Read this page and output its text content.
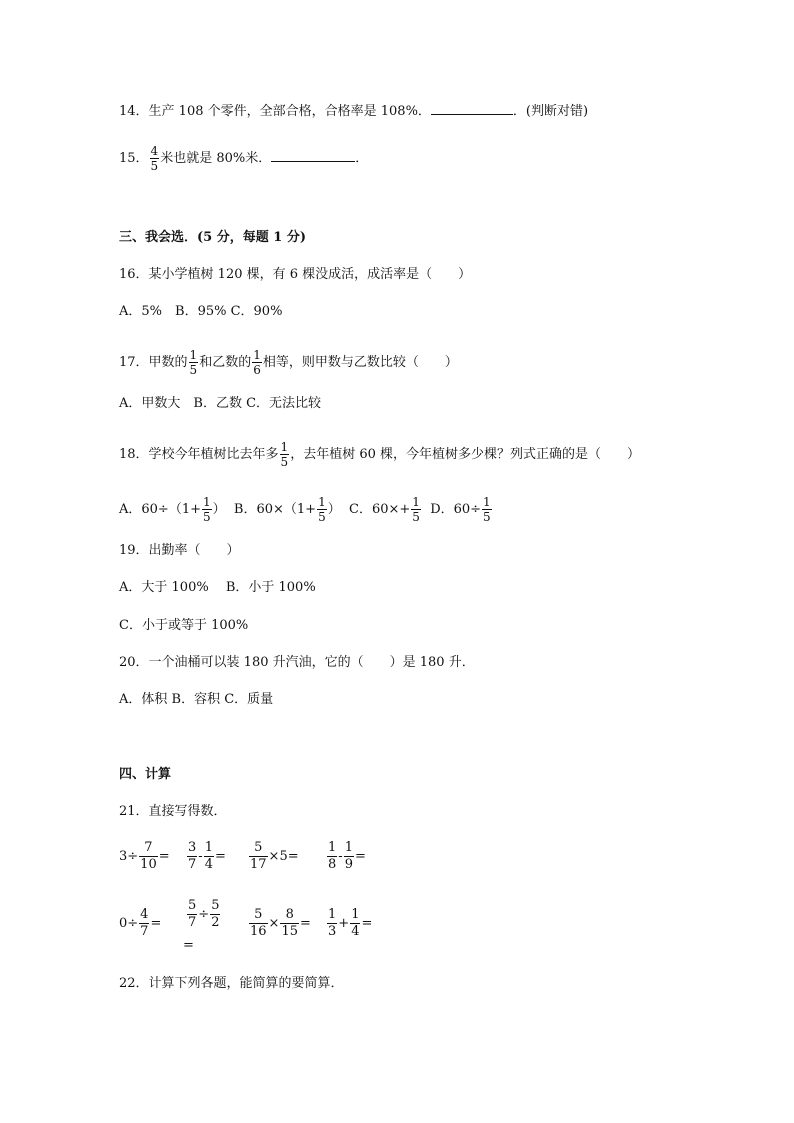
14．生产 108 个零件，全部合格，合格率是 108%．	．(判断对错)
15． $\frac{4}{5}$ 米也就是 80%米．	．
三、我会选．(5 分，每题 1 分)
16．某小学植树 120 棵，有 6 棵没成活，成活率是（　　）
A．5%　B．95% C．90%
17．甲数的 $\frac{1}{5}$ 和乙数的 $\frac{1}{6}$ 相等，则甲数与乙数比较（　　）
A．甲数大　B．乙数 C．无法比较
18．学校今年植树比去年多 $\frac{1}{5}$ ，去年植树 60 棵，今年植树多少棵？列式正确的是（　　）
A．$60\div(1+ \frac{1}{5}$ ） B．$60\times(1+ \frac{1}{5}$ ） C．$60\times+ \frac{1}{5}$ D．$60\div \frac{1}{5}$
19．出勤率（　　）
A．大于 100%　 B．小于 100%
C．小于或等于 100%
20．一个油桶可以装 180 升汽油，它的（　　）是 180 升．
A．体积 B．容积 C．质量
四、计算
21．直接写得数．
$3\div \frac{7}{10} = \frac{3}{7} - \frac{1}{4} = \frac{5}{17} \times 5= \frac{1}{8} - \frac{1}{9}$ =
$0\div \frac{4}{7} = \frac{5}{7} \div \frac{5}{2}$
=
$\frac{5}{16} \times \frac{8}{15} = \frac{1}{3} + \frac{1}{4}$ =
22．计算下列各题，能简算的要简算．
